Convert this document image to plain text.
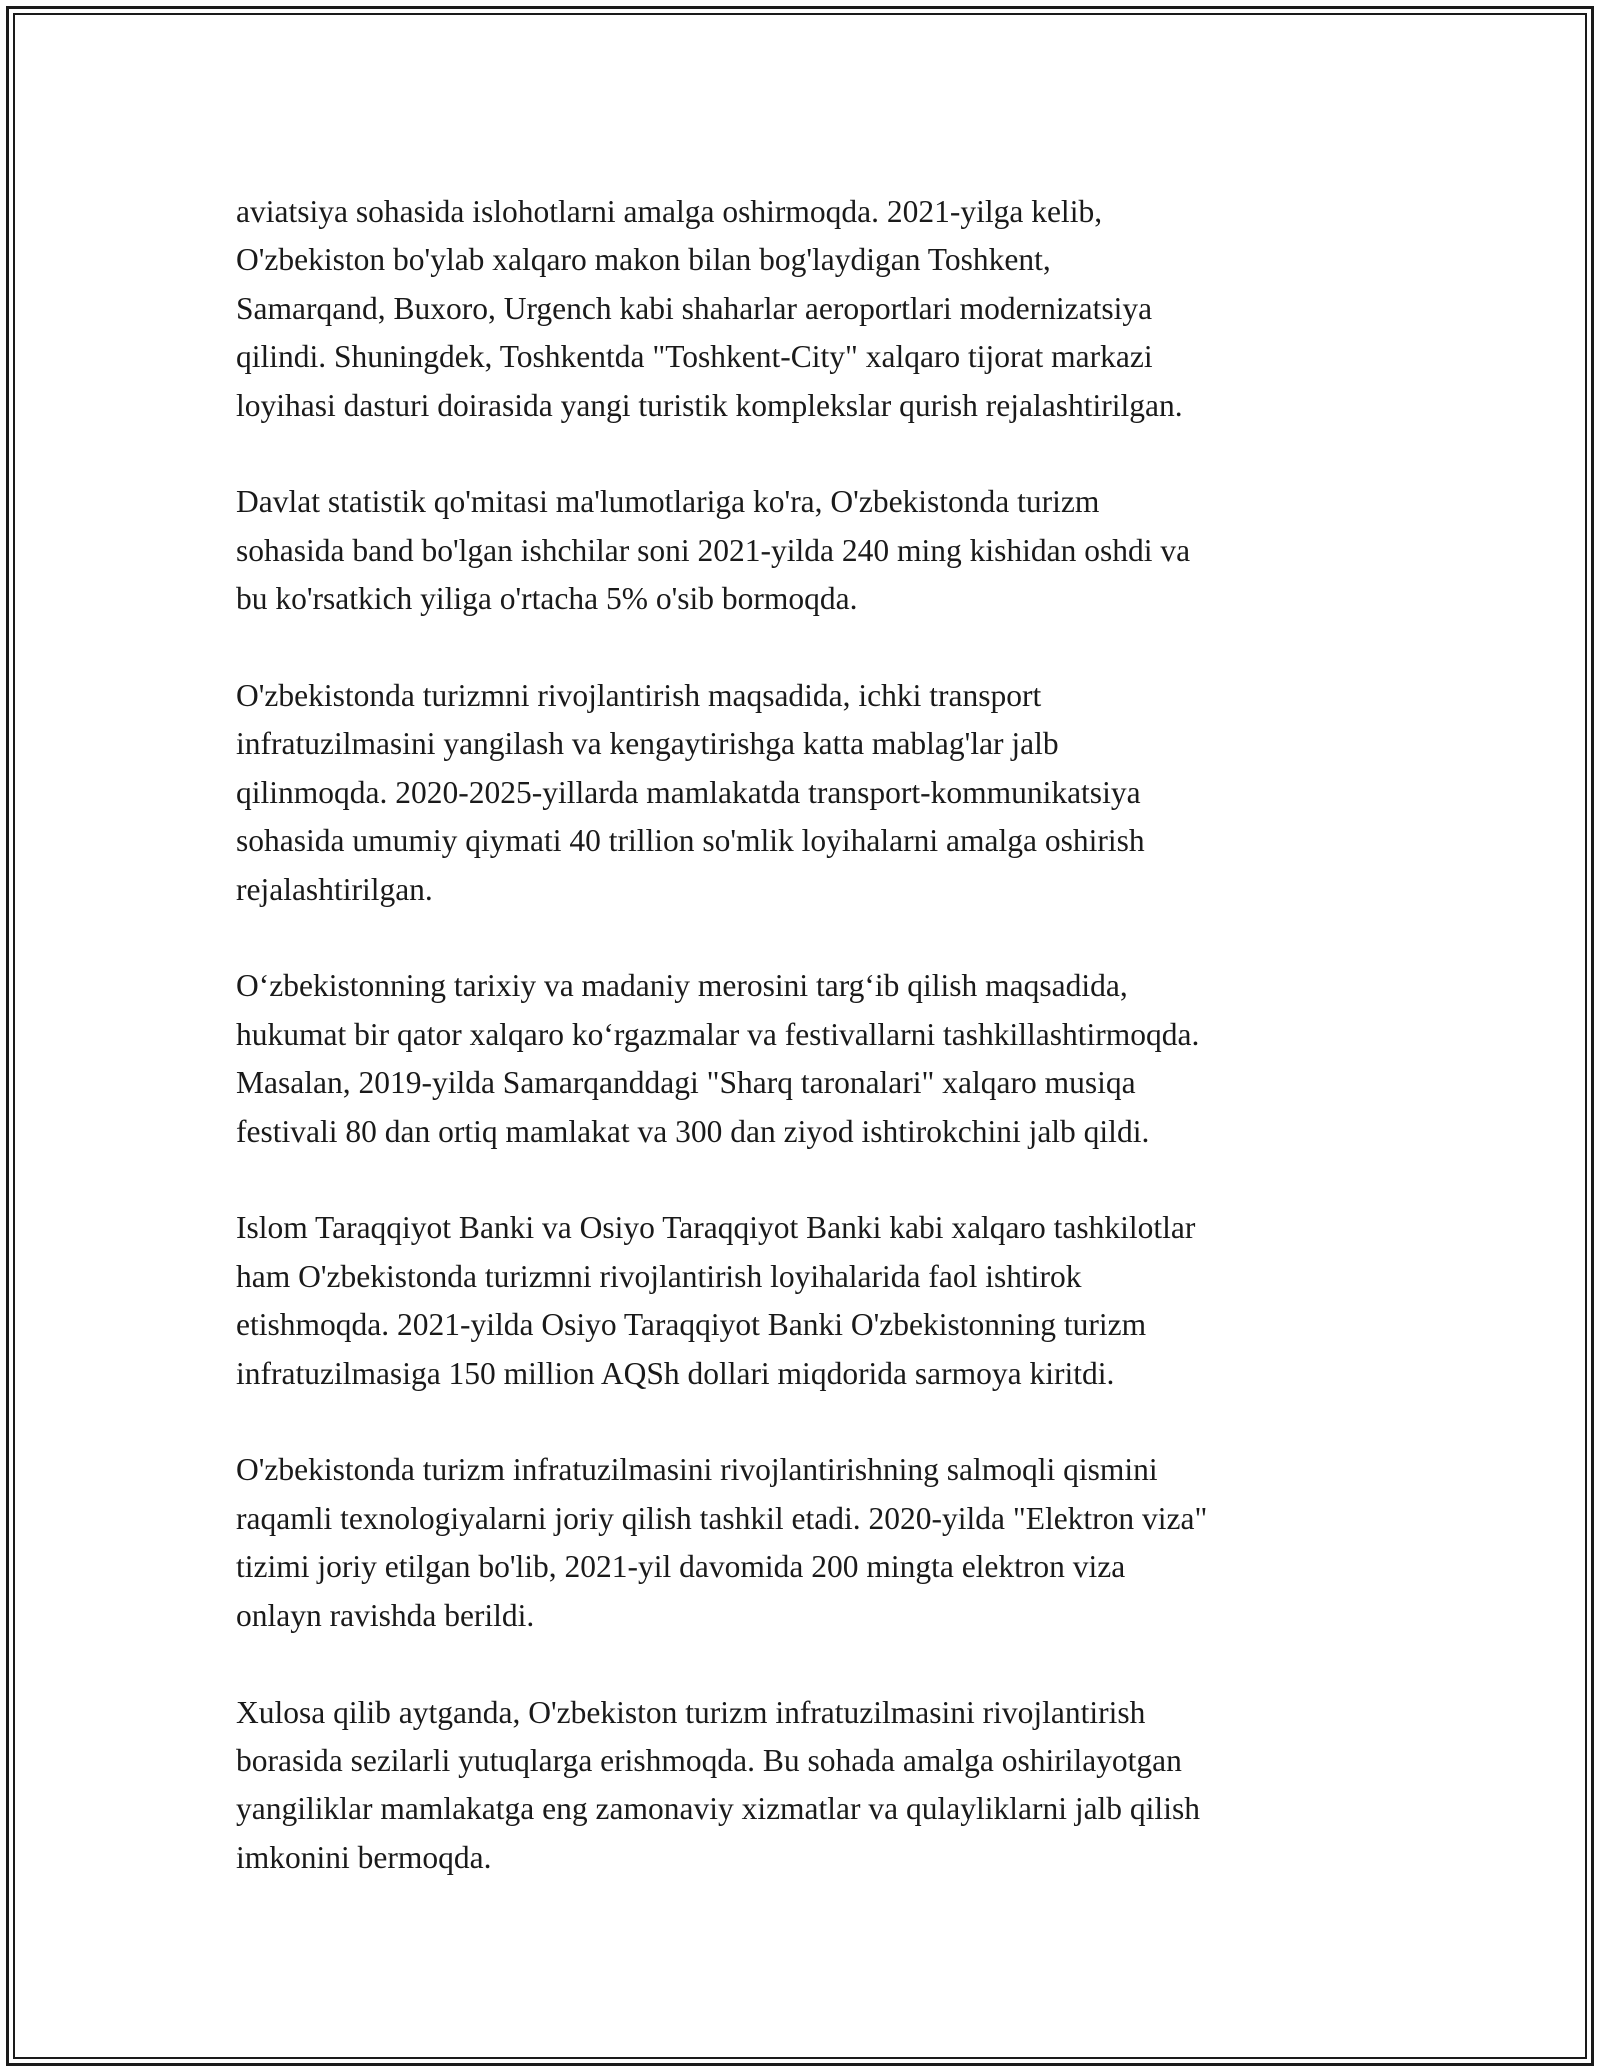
aviatsiya sohasida islohotlarni amalga oshirmoqda. 2021-yilga kelib,
O'zbekiston bo'ylab xalqaro makon bilan bog'laydigan Toshkent,
Samarqand, Buxoro, Urgench kabi shaharlar aeroportlari modernizatsiya
qilindi. Shuningdek, Toshkentda "Toshkent-City" xalqaro tijorat markazi
loyihasi dasturi doirasida yangi turistik komplekslar qurish rejalashtirilgan.

Davlat statistik qo'mitasi ma'lumotlariga ko'ra, O'zbekistonda turizm
sohasida band bo'lgan ishchilar soni 2021-yilda 240 ming kishidan oshdi va
bu ko'rsatkich yiliga o'rtacha 5% o'sib bormoqda.

O'zbekistonda turizmni rivojlantirish maqsadida, ichki transport
infratuzilmasini yangilash va kengaytirishga katta mablag'lar jalb
qilinmoqda. 2020-2025-yillarda mamlakatda transport-kommunikatsiya
sohasida umumiy qiymati 40 trillion so'mlik loyihalarni amalga oshirish
rejalashtirilgan.

O‘zbekistonning tarixiy va madaniy merosini targ‘ib qilish maqsadida,
hukumat bir qator xalqaro ko‘rgazmalar va festivallarni tashkillashtirmoqda.
Masalan, 2019-yilda Samarqanddagi "Sharq taronalari" xalqaro musiqa
festivali 80 dan ortiq mamlakat va 300 dan ziyod ishtirokchini jalb qildi.

Islom Taraqqiyot Banki va Osiyo Taraqqiyot Banki kabi xalqaro tashkilotlar
ham O'zbekistonda turizmni rivojlantirish loyihalarida faol ishtirok
etishmoqda. 2021-yilda Osiyo Taraqqiyot Banki O'zbekistonning turizm
infratuzilmasiga 150 million AQSh dollari miqdorida sarmoya kiritdi.

O'zbekistonda turizm infratuzilmasini rivojlantirishning salmoqli qismini
raqamli texnologiyalarni joriy qilish tashkil etadi. 2020-yilda "Elektron viza"
tizimi joriy etilgan bo'lib, 2021-yil davomida 200 mingta elektron viza
onlayn ravishda berildi.

Xulosa qilib aytganda, O'zbekiston turizm infratuzilmasini rivojlantirish
borasida sezilarli yutuqlarga erishmoqda. Bu sohada amalga oshirilayotgan
yangiliklar mamlakatga eng zamonaviy xizmatlar va qulayliklarni jalb qilish
imkonini bermoqda.
